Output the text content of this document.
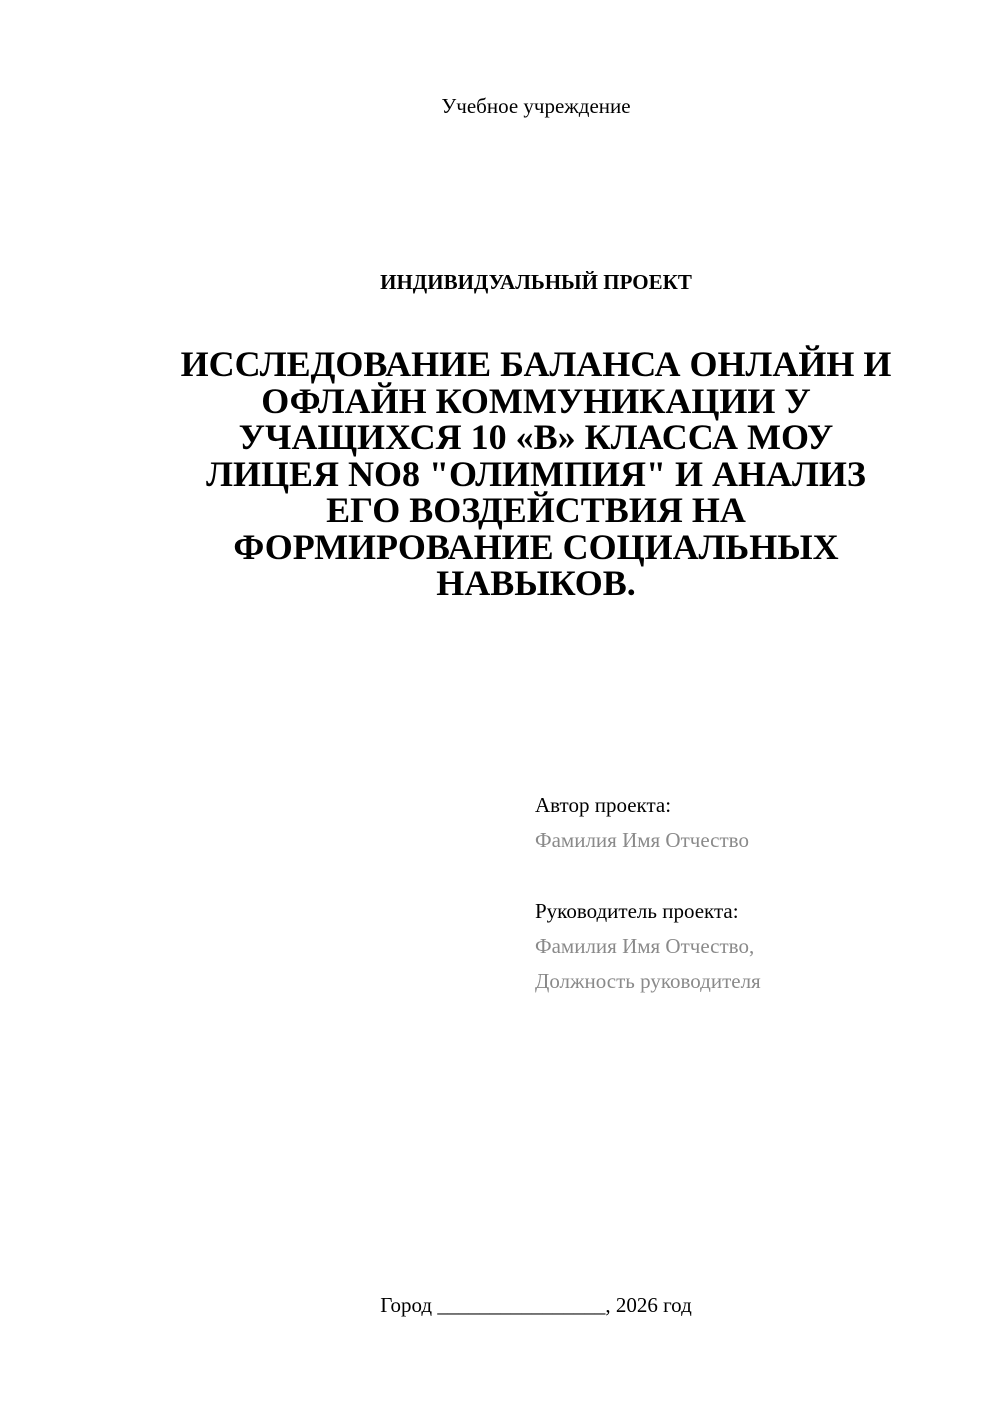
Учебное учреждение
ИНДИВИДУАЛЬНЫЙ ПРОЕКТ
ИССЛЕДОВАНИЕ БАЛАНСА ОНЛАЙН И
ОФЛАЙН КОММУНИКАЦИИ У
УЧАЩИХСЯ 10 «В» КЛАССА МОУ
ЛИЦЕЯ NO8 "ОЛИМПИЯ" И АНАЛИЗ
ЕГО ВОЗДЕЙСТВИЯ НА
ФОРМИРОВАНИЕ СОЦИАЛЬНЫХ
НАВЫКОВ.
Автор проекта:
Фамилия Имя Отчество
Руководитель проекта:
Фамилия Имя Отчество,
Должность руководителя
Город ________________, 2026 год
